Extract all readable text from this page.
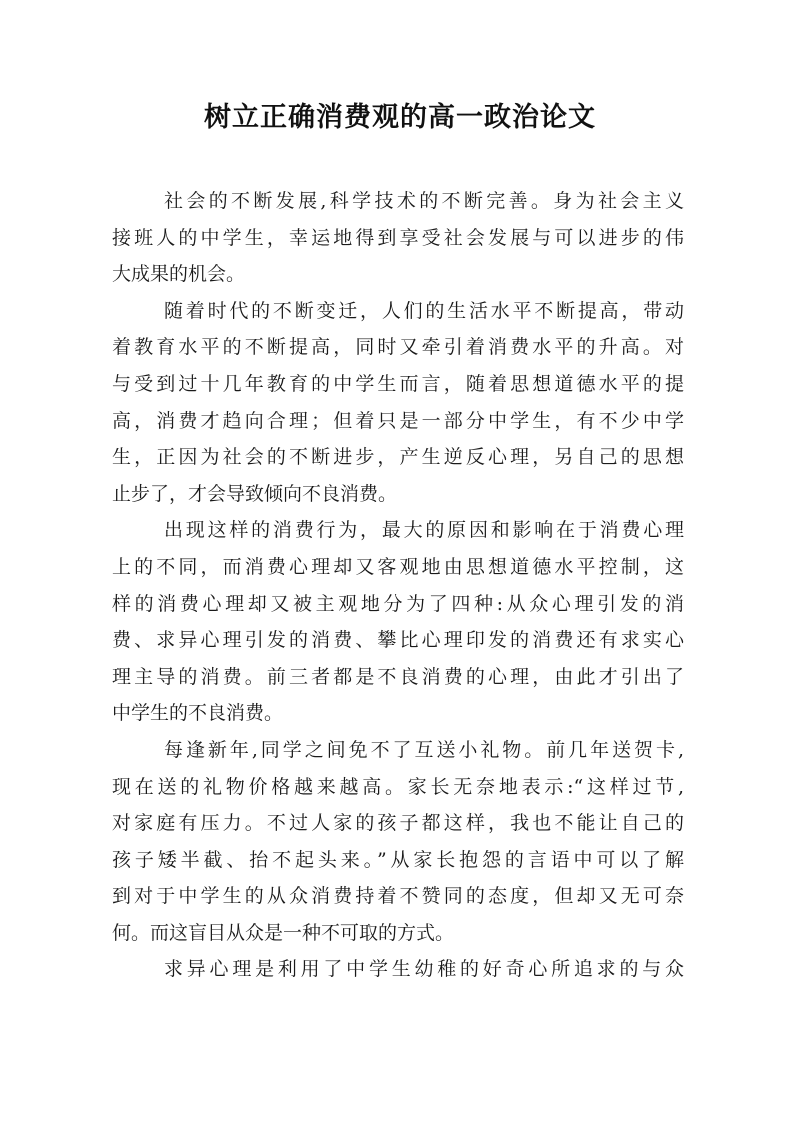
树立正确消费观的高一政治论文
社会的不断发展,科学技术的不断完善。身为社会主义
接班人的中学生，幸运地得到享受社会发展与可以进步的伟
大成果的机会。
随着时代的不断变迁，人们的生活水平不断提高，带动
着教育水平的不断提高，同时又牵引着消费水平的升高。对
与受到过十几年教育的中学生而言，随着思想道德水平的提
高，消费才趋向合理；但着只是一部分中学生，有不少中学
生，正因为社会的不断进步，产生逆反心理，另自己的思想
止步了，才会导致倾向不良消费。
出现这样的消费行为，最大的原因和影响在于消费心理
上的不同，而消费心理却又客观地由思想道德水平控制，这
样的消费心理却又被主观地分为了四种:从众心理引发的消
费、求异心理引发的消费、攀比心理印发的消费还有求实心
理主导的消费。前三者都是不良消费的心理，由此才引出了
中学生的不良消费。
每逢新年,同学之间免不了互送小礼物。前几年送贺卡,
现在送的礼物价格越来越高。家长无奈地表示:“这样过节,
对家庭有压力。不过人家的孩子都这样，我也不能让自己的
孩子矮半截、抬不起头来。”从家长抱怨的言语中可以了解
到对于中学生的从众消费持着不赞同的态度，但却又无可奈
何。而这盲目从众是一种不可取的方式。
求异心理是利用了中学生幼稚的好奇心所追求的与众
